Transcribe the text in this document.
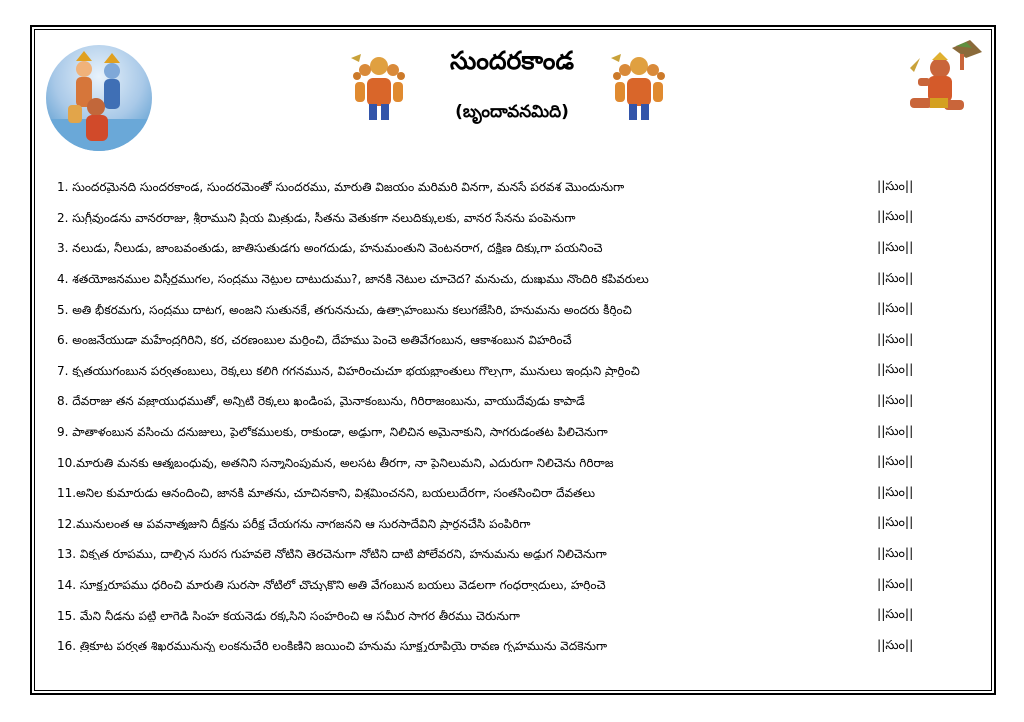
సుందరకాండ
(బృందావనమిది)
1. సుందరమైనది సుందరకాండ, సుందరమెంతో సుందరము, మారుతి విజయం మరిమరి వినగా, మనసే పరవశ మొందునుగా	||సుం||
2. సుగ్రీవుండను వానరరాజు, శ్రీరాముని ప్రియ మిత్రుడు, సీతను వెతుకగా నలుదిక్కులకు, వానర సేనను పంపెనుగా	||సుం||
3. నలుడు, నీలుడు, జాంబవంతుడు, జాతిసుతుడగు అంగదుడు, హనుమంతుని వెంటనరాగ, దక్షిణ దిక్కుగా పయనించె	||సుం||
4. శతయోజనముల విస్తీర్ణముగల, సంద్రము నెట్టుల దాటుదుము?, జానకి నెటుల చూచెద? మనుచు, దుఃఖము నొందిరి కపివరులు	||సుం||
5. అతి భీకరమగు, సంద్రము దాటగ, అంజని సుతునకే, తగుననుచు, ఉత్సాహంబును కలుగజేసిరి, హనుమను అందరు కీర్తించి	||సుం||
6. అంజనేయుడా మహేంద్రగిరిని, కర, చరణంబుల మర్దించి, దేహము పెంచె అతివేగంబున, ఆకాశంబున విహరించే	||సుం||
7. కృతయుగంబున పర్వతంబులు, రెక్కలు కలిగి గగనమున, విహరించుచూ భయభ్రాంతులు గొల్పగా, మునులు ఇంద్రుని ప్రార్ధించి	||సుం||
8. దేవరాజు తన వజ్రాయుధముతో, అన్నిటి రెక్కలు ఖండింప, మైనాకంబును, గిరిరాజంబును, వాయుదేవుడు కాపాడే	||సుం||
9. పాతాళంబున వసించు దనుజులు, పైలోకములకు, రాకుండా, అడ్డుగా, నిలిచిన అమైనాకుని, సాగరుడంతట పిలిచెనుగా	||సుం||
10.మారుతి మనకు ఆత్మబంధువు, అతనిని సన్మానింపుమన, అలసట తీరగా, నా పైనిలుమని, ఎదురుగా నిలిచెను గిరిరాజ	||సుం||
11.అనిల కుమారుడు ఆనందించి, జానకి మాతను, చూచినకాని, విశ్రమించనని, బయలుదేరగా, సంతసించిరా దేవతలు	||సుం||
12.మునులంత ఆ పవనాత్మజుని దీక్షను పరీక్ష చేయగను నాగజనని ఆ సురసాదేవిని ప్రార్ధనచేసి పంపిరిగా	||సుం||
13. వికృత రూపము, దాల్చిన సురస గుహవలె నోటిని తెరచెనుగా నోటిని దాటి పోలేవరని, హనుమను అడ్డుగ నిలిచెనుగా	||సుం||
14. సూక్ష్మరూపము ధరించి మారుతి సురసా నోటిలో చొచ్చుకొని అతి వేగంబున బయలు వెడలగా గంధర్వాదులు, హర్షించె	||సుం||
15. మేని నీడను పట్టి లాగెడి సింహ కయనెడు రక్కసిని సంహరించి ఆ సమీర సాగర తీరము చెరునుగా	||సుం||
16. త్రికూట పర్వత శిఖరమునున్న లంకనుచేరి లంకిణిని జయించి హనుమ సూక్ష్మరూపియై రావణ గృహమును వెదకెనుగా	||సుం||
